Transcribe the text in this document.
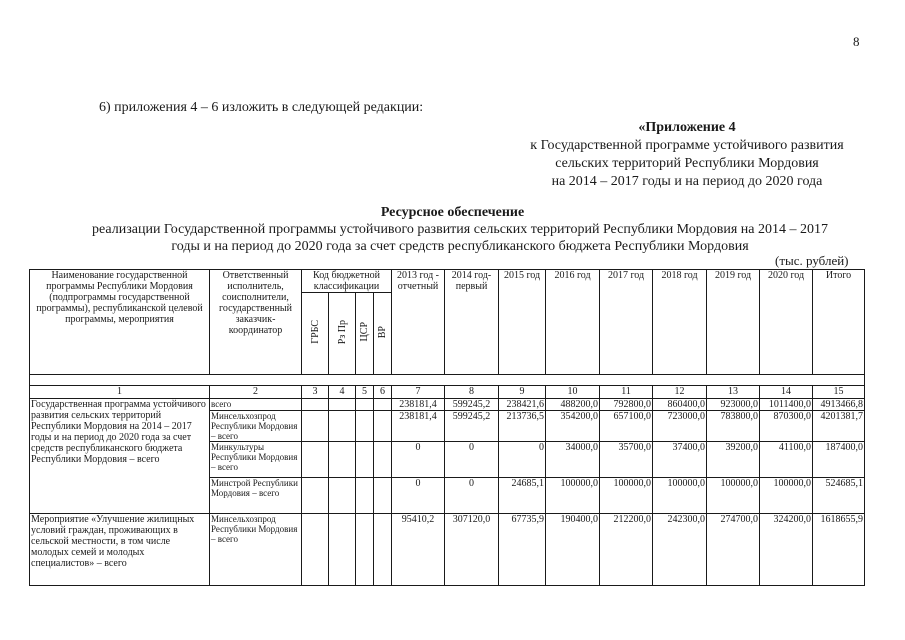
8
6) приложения 4 – 6 изложить в следующей редакции:
«Приложение 4
к Государственной программе устойчивого развития
сельских территорий Республики Мордовия
на 2014 – 2017 годы и на период до 2020 года
Ресурсное обеспечение
реализации Государственной программы устойчивого развития сельских территорий Республики Мордовия на 2014 – 2017
годы и на период до 2020 года за счет средств республиканского бюджета Республики Мордовия
(тыс. рублей)
Наименование государственной программы Республики Мордовия (подпрограммы государственной программы), республиканской целевой программы, мероприятия	Ответственный исполнитель, соисполнители, государственный заказчик-координатор	Код бюджетной классификации				2013 год - отчетный	2014 год- первый	2015 год	2016 год	2017 год	2018 год	2019 год	2020 год	Итого
		ГРБС	Рз Пр	ЦСР	ВР									

1	2	3	4	5	6	7	8	9	10	11	12	13	14	15
Государственная программа устойчивого развития сельских территорий Республики Мордовия на 2014 – 2017 годы и на период до 2020 года за счет средств республиканского бюджета Республики Мордовия – всего	всего					238181,4	599245,2	238421,6	488200,0	792800,0	860400,0	923000,0	1011400,0	4913466,8
	Минсельхозпрод Республики Мордовия – всего					238181,4	599245,2	213736,5	354200,0	657100,0	723000,0	783800,0	870300,0	4201381,7
	Минкультуры Республики Мордовия – всего					0	0	0	34000,0	35700,0	37400,0	39200,0	41100,0	187400,0
	Минстрой Республики Мордовия – всего					0	0	24685,1	100000,0	100000,0	100000,0	100000,0	100000,0	524685,1
Мероприятие «Улучшение жилищных условий граждан, проживающих в сельской местности, в том числе молодых семей и молодых специалистов» – всего	Минсельхозпрод Республики Мордовия – всего					95410,2	307120,0	67735,9	190400,0	212200,0	242300,0	274700,0	324200,0	1618655,9
